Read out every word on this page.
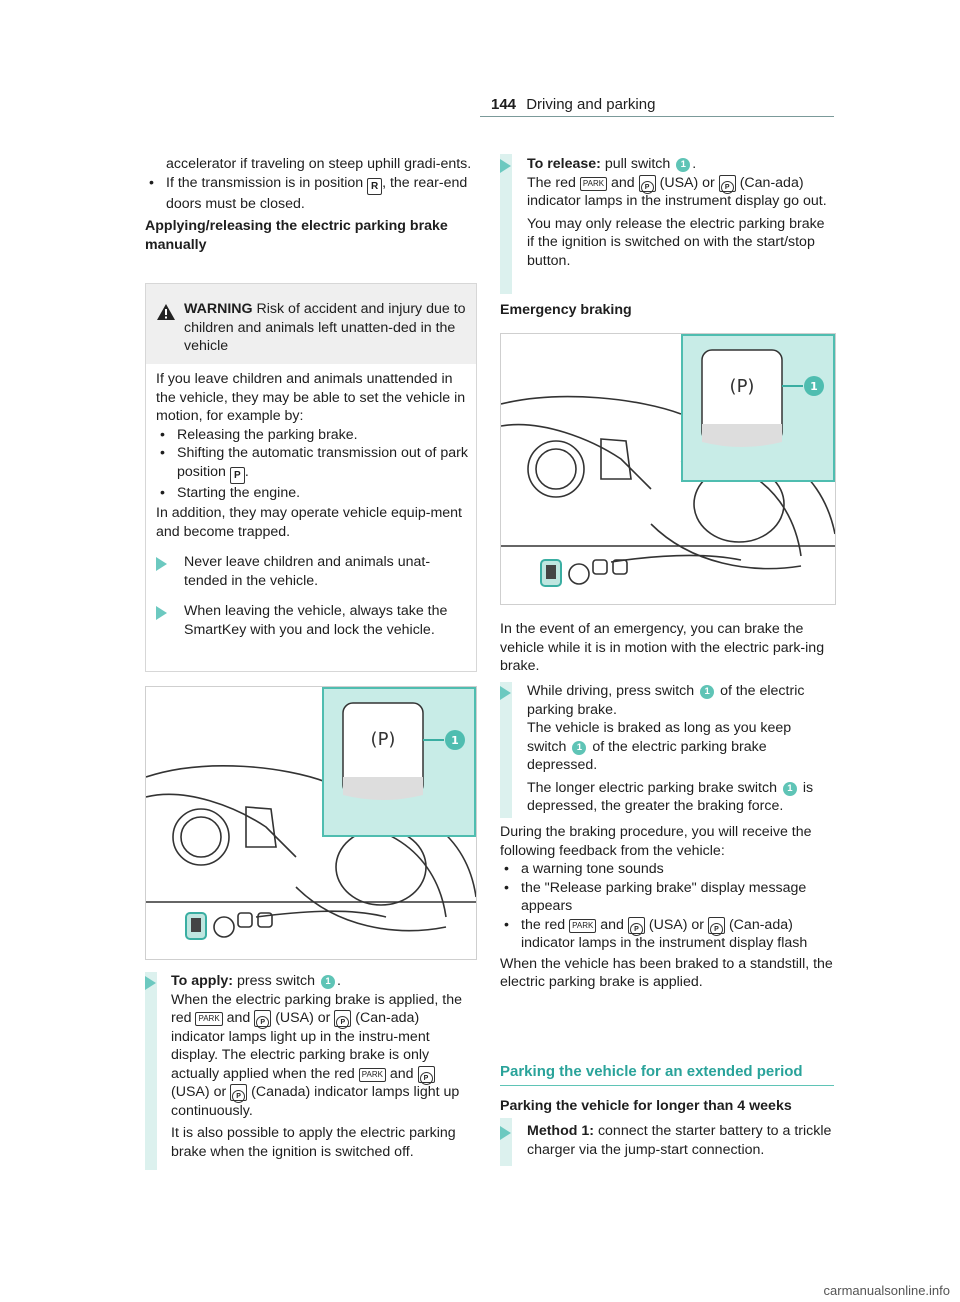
144 Driving and parking

accelerator if traveling on steep uphill gradi-ents.

• If the transmission is in position R , the rear-end doors must be closed.

Applying/releasing the electric parking brake manually

WARNING Risk of accident and injury due to children and animals left unatten-ded in the vehicle

If you leave children and animals unattended in the vehicle, they may be able to set the vehicle in motion, for example by:

• Releasing the parking brake.

• Shifting the automatic transmission out of park position P .

• Starting the engine.

In addition, they may operate vehicle equip-ment and become trapped.

Never leave children and animals unat-tended in the vehicle.

When leaving the vehicle, always take the SmartKey with you and lock the vehicle.

(P)	1

To apply: press switch 1 .
When the electric parking brake is applied, the red PARK and P (USA) or P (Can-ada) indicator lamps light up in the instru-ment display. The electric parking brake is only actually applied when the red PARK and P (USA) or P (Canada) indicator lamps light up continuously.

It is also possible to apply the electric parking brake when the ignition is switched off.

To release: pull switch 1 .
The red PARK and P (USA) or P (Can-ada) indicator lamps in the instrument display go out.

You may only release the electric parking brake if the ignition is switched on with the start/stop button.

Emergency braking

(P)	1

In the event of an emergency, you can brake the vehicle while it is in motion with the electric park-ing brake.

While driving, press switch 1 of the electric parking brake.
The vehicle is braked as long as you keep switch 1 of the electric parking brake depressed.

The longer electric parking brake switch 1 is depressed, the greater the braking force.

During the braking procedure, you will receive the following feedback from the vehicle:

• a warning tone sounds

• the "Release parking brake" display message appears

• the red PARK and P (USA) or P (Can-ada) indicator lamps in the instrument display flash

When the vehicle has been braked to a standstill, the electric parking brake is applied.

Parking the vehicle for an extended period

Parking the vehicle for longer than 4 weeks

Method 1: connect the starter battery to a trickle charger via the jump-start connection.

carmanualsonline.info
